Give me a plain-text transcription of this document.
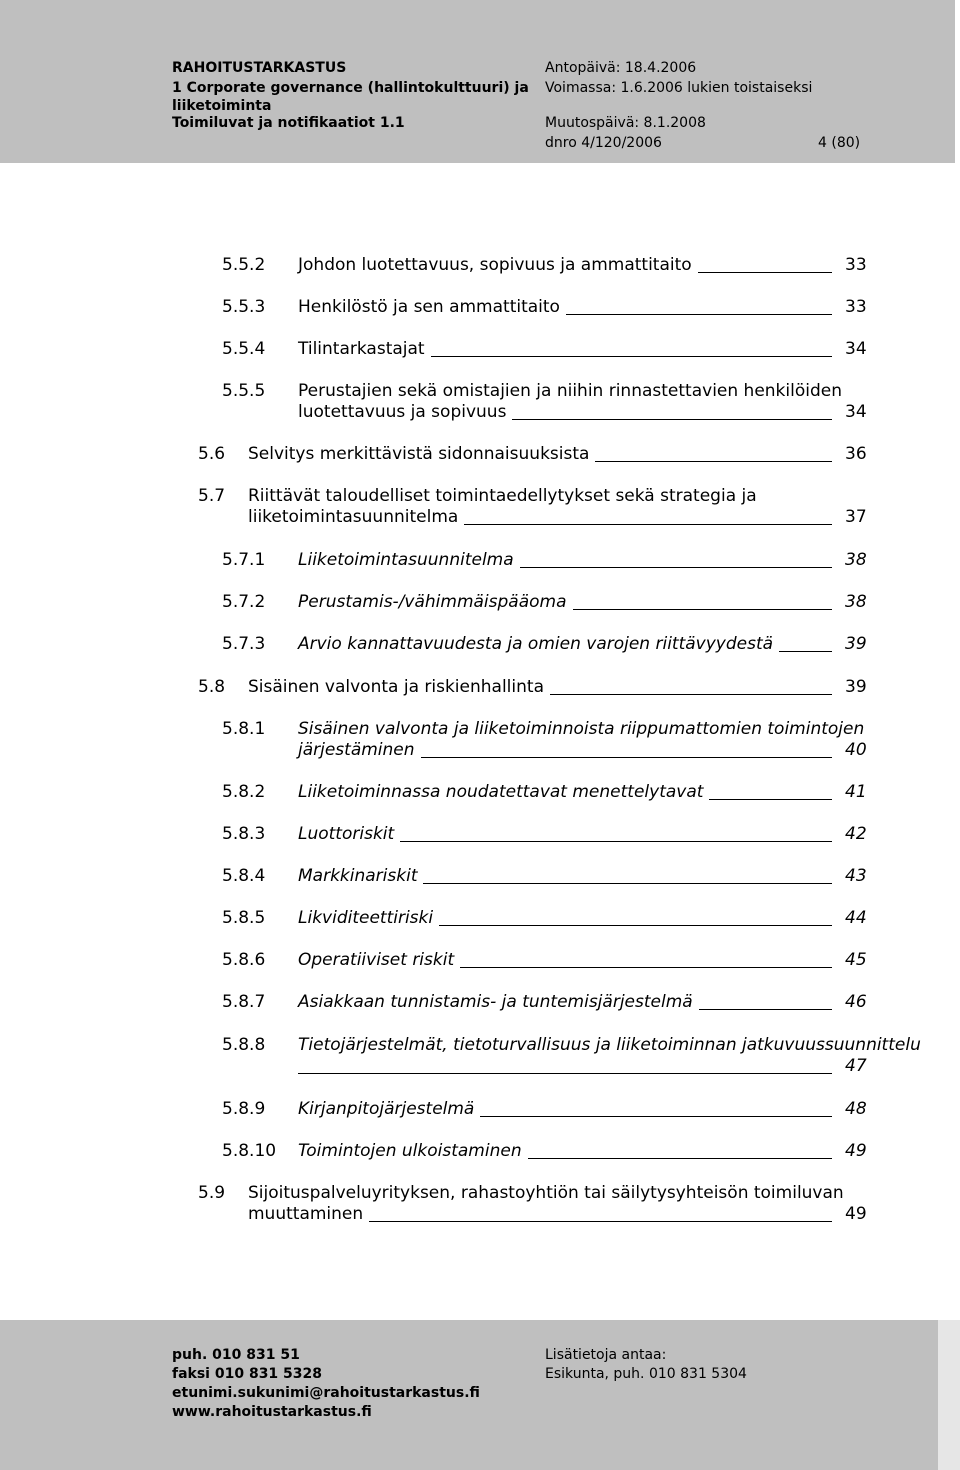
RAHOITUSTARKASTUS
1 Corporate governance (hallintokulttuuri) ja
liiketoiminta
Toimiluvat ja notifikaatiot 1.1
Antopäivä: 18.4.2006
Voimassa: 1.6.2006 lukien toistaiseksi
Muutospäivä: 8.1.2008
dnro 4/120/2006	4 (80)
5.5.2 Johdon luotettavuus, sopivuus ja ammattitaito	33
5.5.3 Henkilöstö ja sen ammattitaito	33
5.5.4 Tilintarkastajat	34
5.5.5 Perustajien sekä omistajien ja niihin rinnastettavien henkilöiden
luotettavuus ja sopivuus	34
5.6 Selvitys merkittävistä sidonnaisuuksista	36
5.7 Riittävät taloudelliset toimintaedellytykset sekä strategia ja
liiketoimintasuunnitelma	37
5.7.1 Liiketoimintasuunnitelma	38
5.7.2 Perustamis-/vähimmäispääoma	38
5.7.3 Arvio kannattavuudesta ja omien varojen riittävyydestä	39
5.8 Sisäinen valvonta ja riskienhallinta	39
5.8.1 Sisäinen valvonta ja liiketoiminnoista riippumattomien toimintojen
järjestäminen	40
5.8.2 Liiketoiminnassa noudatettavat menettelytavat	41
5.8.3 Luottoriskit	42
5.8.4 Markkinariskit	43
5.8.5 Likviditeettiriski	44
5.8.6 Operatiiviset riskit	45
5.8.7 Asiakkaan tunnistamis- ja tuntemisjärjestelmä	46
5.8.8 Tietojärjestelmät, tietoturvallisuus ja liiketoiminnan jatkuvuussuunnittelu
47
5.8.9 Kirjanpitojärjestelmä	48
5.8.10 Toimintojen ulkoistaminen	49
5.9 Sijoituspalveluyrityksen, rahastoyhtiön tai säilytysyhteisön toimiluvan
muuttaminen	49
puh. 010 831 51
faksi 010 831 5328
etunimi.sukunimi@rahoitustarkastus.fi
www.rahoitustarkastus.fi
Lisätietoja antaa:
Esikunta, puh. 010 831 5304
